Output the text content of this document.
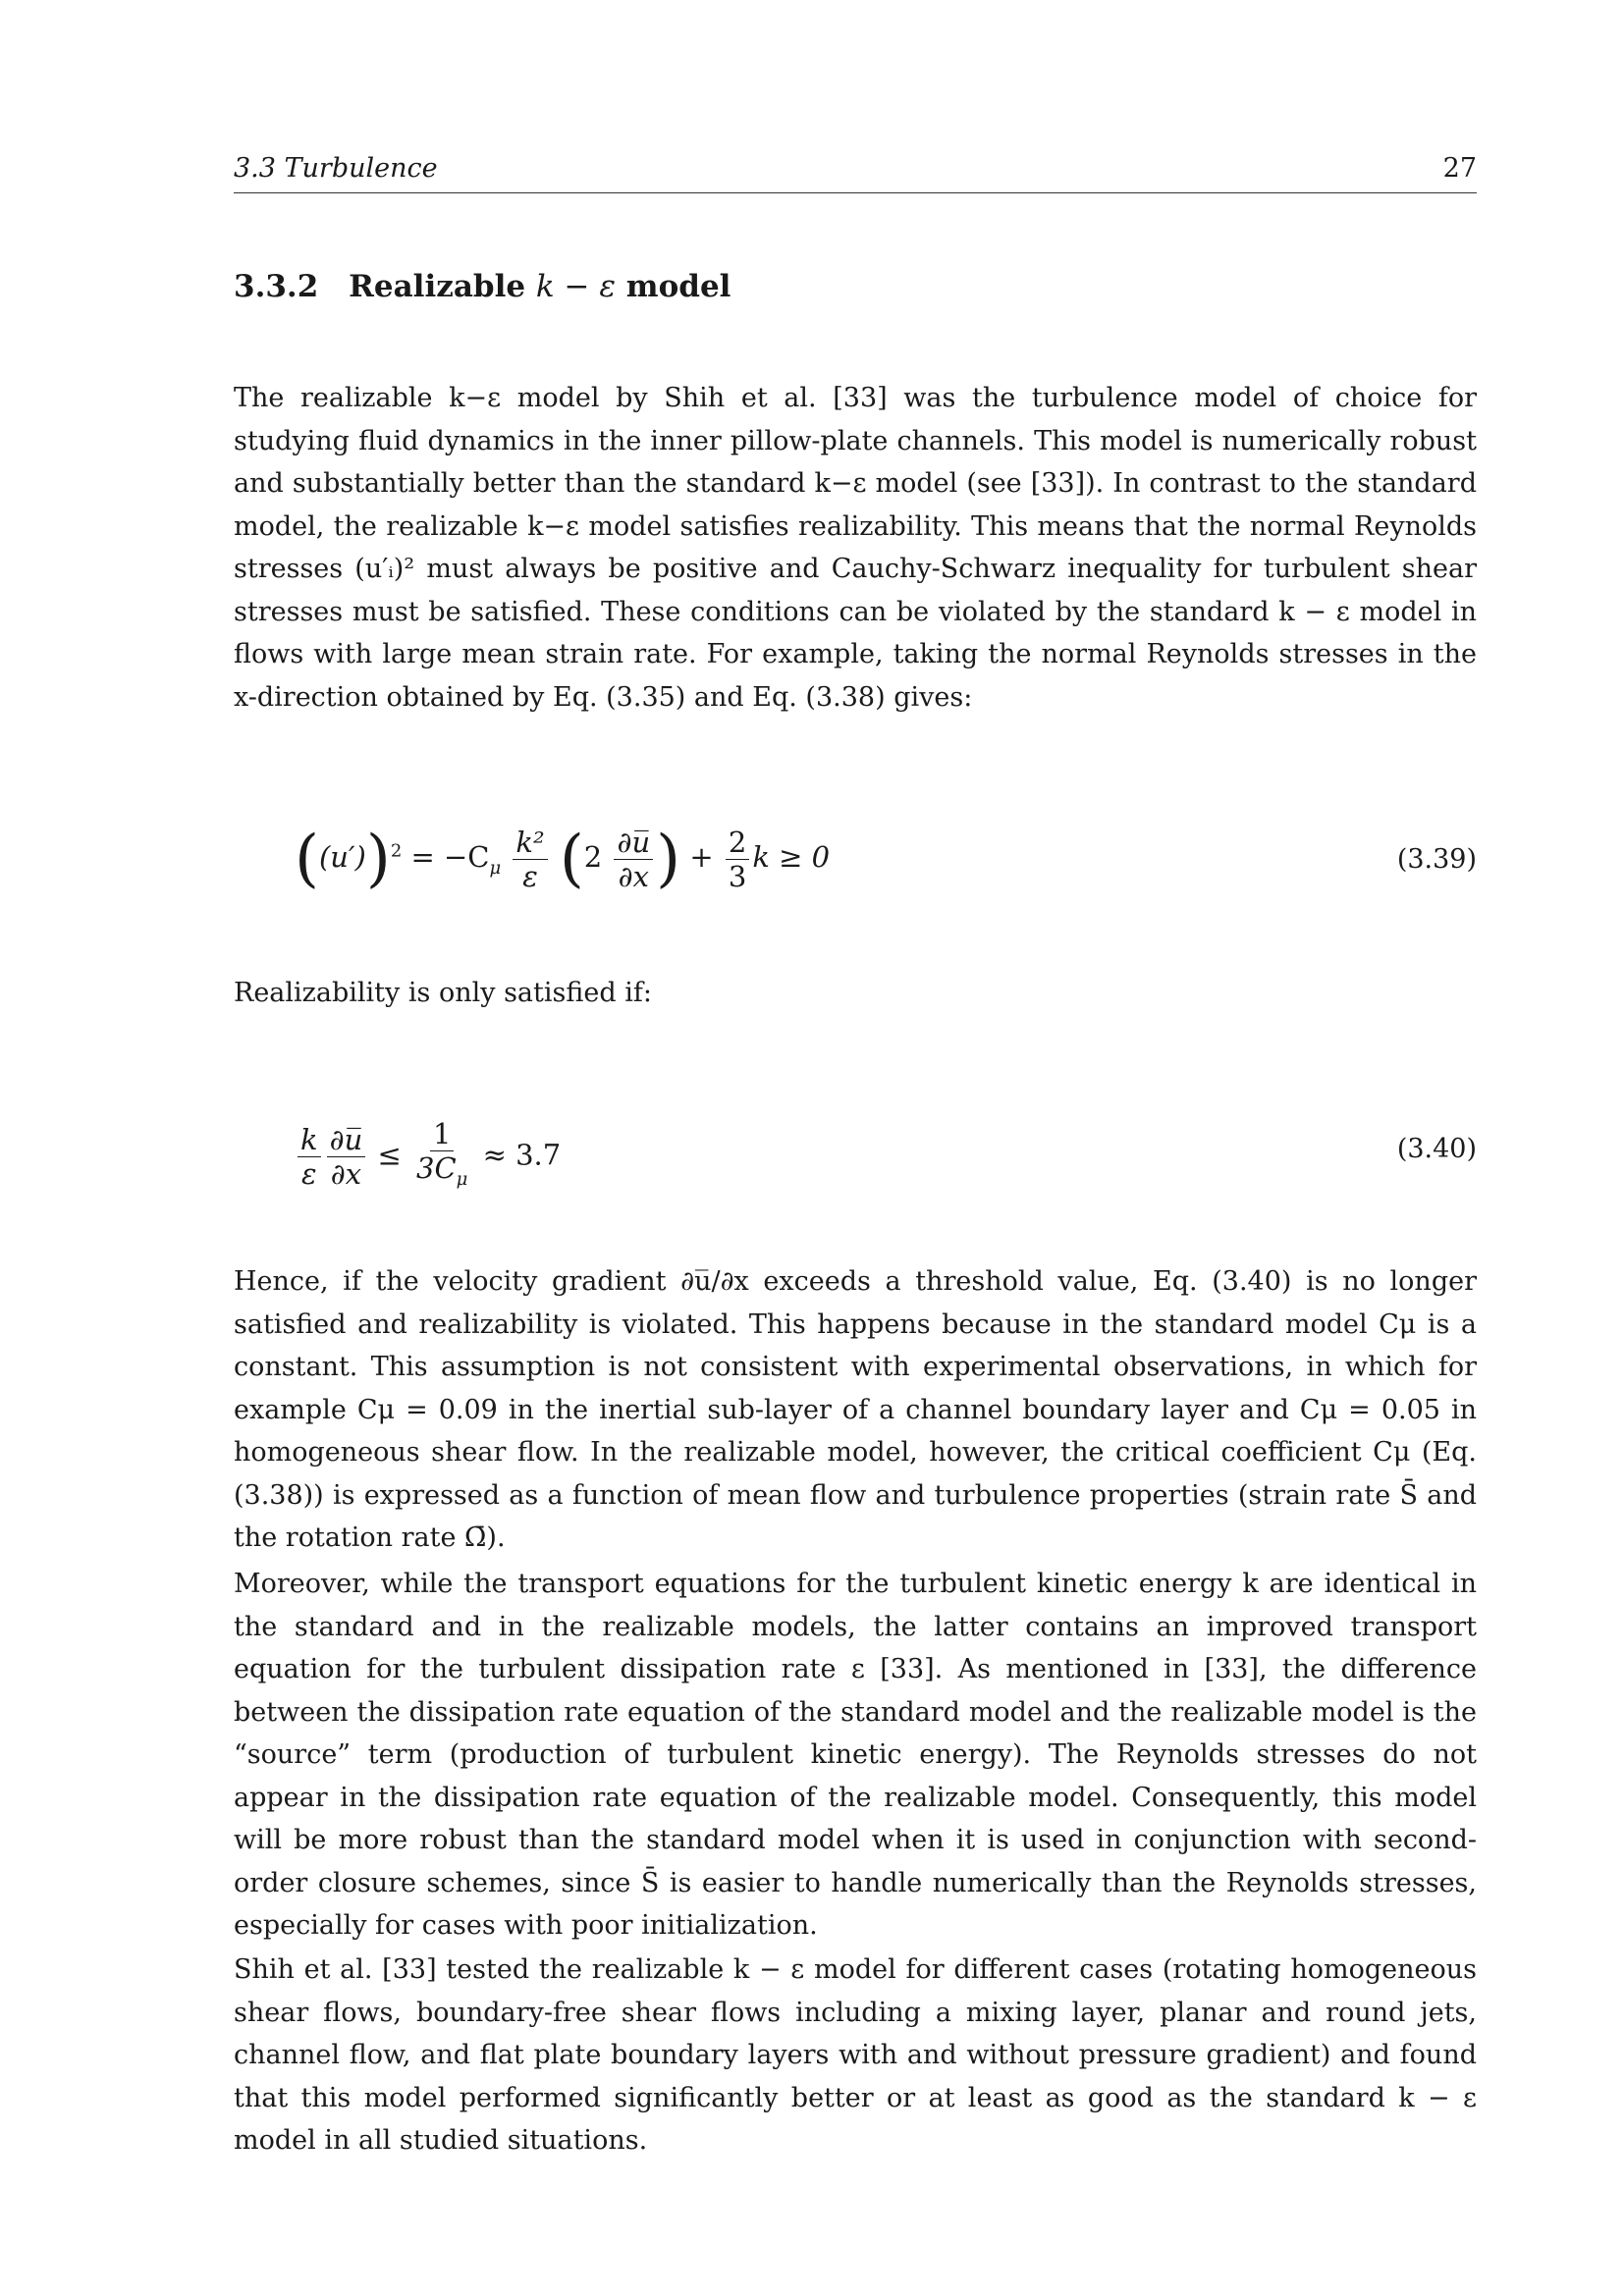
3.3 Turbulence	27
3.3.2 Realizable k − ε model
The realizable k−ε model by Shih et al. [33] was the turbulence model of choice for studying fluid dynamics in the inner pillow-plate channels. This model is numerically robust and substantially better than the standard k−ε model (see [33]). In contrast to the standard model, the realizable k−ε model satisfies realizability. This means that the normal Reynolds stresses (u′ᵢ)² must always be positive and Cauchy-Schwarz inequality for turbulent shear stresses must be satisfied. These conditions can be violated by the standard k − ε model in flows with large mean strain rate. For example, taking the normal Reynolds stresses in the x-direction obtained by Eq. (3.35) and Eq. (3.38) gives:
$((u'))^2 = -C_\mu \frac{\text{k²}}{\varepsilon} (2 \frac{\partial u̅}{\partial x}$ ) + $\frac{2}{3}$ k ≥ 0	(3.39)
Realizability is only satisfied if:
$\frac{k}{\varepsilon} \frac{\partial u̅}{\partial x} \le \frac{1}{3C_\mu} \approx 3.7$	(3.40)
Hence, if the velocity gradient ∂u̅/∂x exceeds a threshold value, Eq. (3.40) is no longer satisfied and realizability is violated. This happens because in the standard model Cμ is a constant. This assumption is not consistent with experimental observations, in which for example Cμ = 0.09 in the inertial sub-layer of a channel boundary layer and Cμ = 0.05 in homogeneous shear flow. In the realizable model, however, the critical coefficient Cμ (Eq. (3.38)) is expressed as a function of mean flow and turbulence properties (strain rate S̄ and the rotation rate Ω̄).
Moreover, while the transport equations for the turbulent kinetic energy k are identical in the standard and in the realizable models, the latter contains an improved transport equation for the turbulent dissipation rate ε [33]. As mentioned in [33], the difference between the dissipation rate equation of the standard model and the realizable model is the “source” term (production of turbulent kinetic energy). The Reynolds stresses do not appear in the dissipation rate equation of the realizable model. Consequently, this model will be more robust than the standard model when it is used in conjunction with second-order closure schemes, since S̄ is easier to handle numerically than the Reynolds stresses, especially for cases with poor initialization.
Shih et al. [33] tested the realizable k − ε model for different cases (rotating homogeneous shear flows, boundary-free shear flows including a mixing layer, planar and round jets, channel flow, and flat plate boundary layers with and without pressure gradient) and found that this model performed significantly better or at least as good as the standard k − ε model in all studied situations.
